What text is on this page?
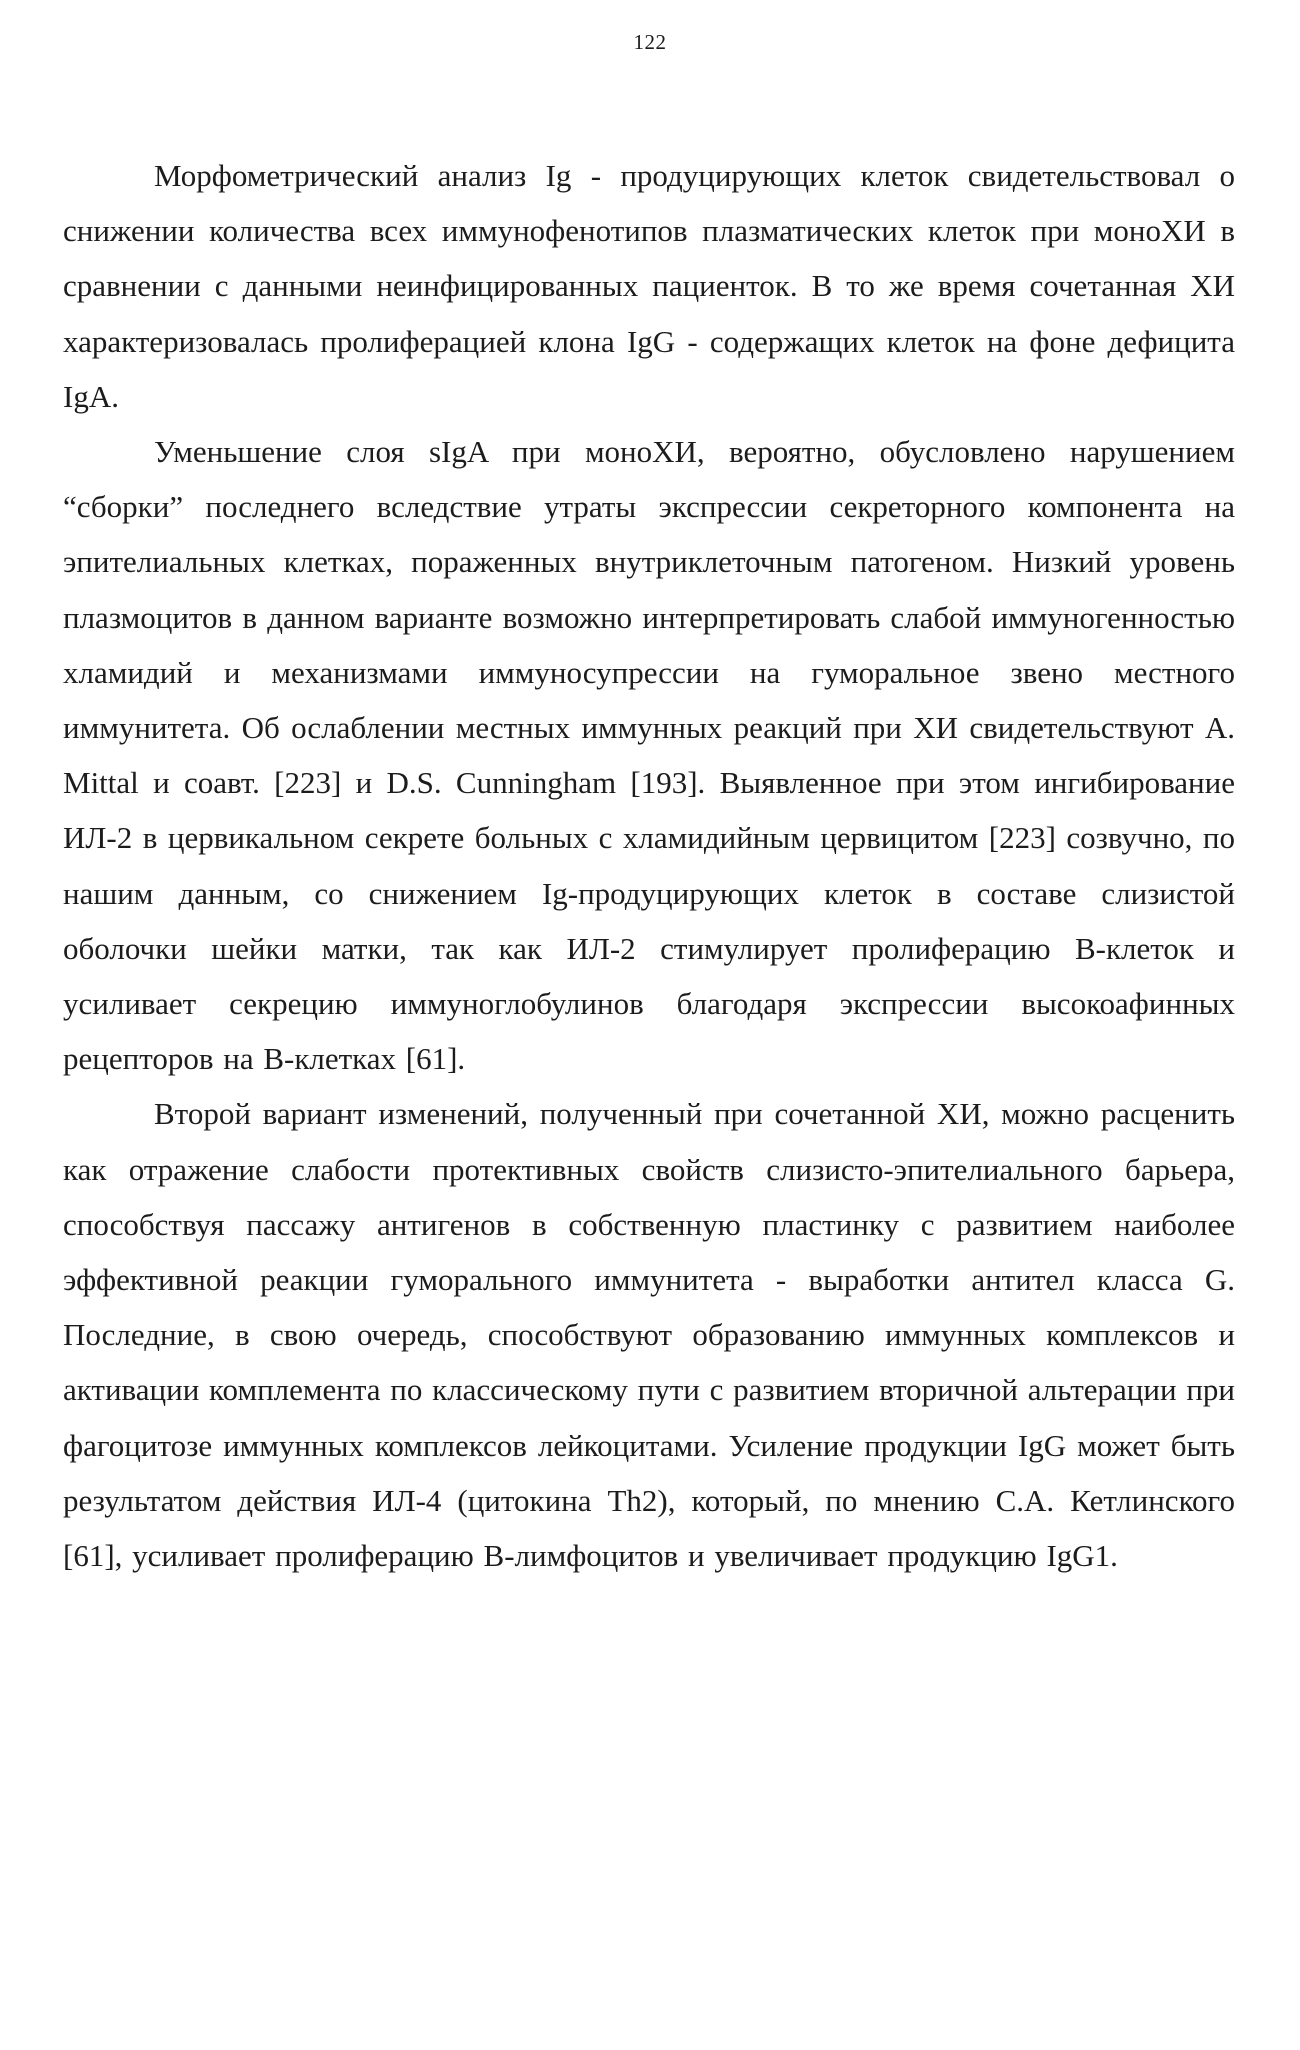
122

Морфометрический анализ Ig - продуцирующих клеток свидетельствовал о снижении количества всех иммунофенотипов плазматических клеток при моноХИ в сравнении с данными неинфицированных пациенток. В то же время сочетанная ХИ характеризовалась пролиферацией клона IgG - содержащих клеток на фоне дефицита IgA.

Уменьшение слоя sIgA при моноХИ, вероятно, обусловлено нарушением “сборки” последнего вследствие утраты экспрессии секреторного компонента на эпителиальных клетках, пораженных внутриклеточным патогеном. Низкий уровень плазмоцитов в данном варианте возможно интерпретировать слабой иммуногенностью хламидий и механизмами иммуносупрессии на гуморальное звено местного иммунитета. Об ослаблении местных иммунных реакций при ХИ свидетельствуют A. Mittal и соавт. [223] и D.S. Cunningham [193]. Выявленное при этом ингибирование ИЛ-2 в цервикальном секрете больных с хламидийным цервицитом [223] созвучно, по нашим данным, со снижением Ig-продуцирующих клеток в составе слизистой оболочки шейки матки, так как ИЛ-2 стимулирует пролиферацию В-клеток и усиливает секрецию иммуноглобулинов благодаря экспрессии высокоафинных рецепторов на В-клетках [61].

Второй вариант изменений, полученный при сочетанной ХИ, можно расценить как отражение слабости протективных свойств слизисто-эпителиального барьера, способствуя пассажу антигенов в собственную пластинку с развитием наиболее эффективной реакции гуморального иммунитета - выработки антител класса G. Последние, в свою очередь, способствуют образованию иммунных комплексов и активации комплемента по классическому пути с развитием вторичной альтерации при фагоцитозе иммунных комплексов лейкоцитами. Усиление продукции IgG может быть результатом действия ИЛ-4 (цитокина Th2), который, по мнению С.А. Кетлинского [61], усиливает пролиферацию В-лимфоцитов и увеличивает продукцию IgG1.
